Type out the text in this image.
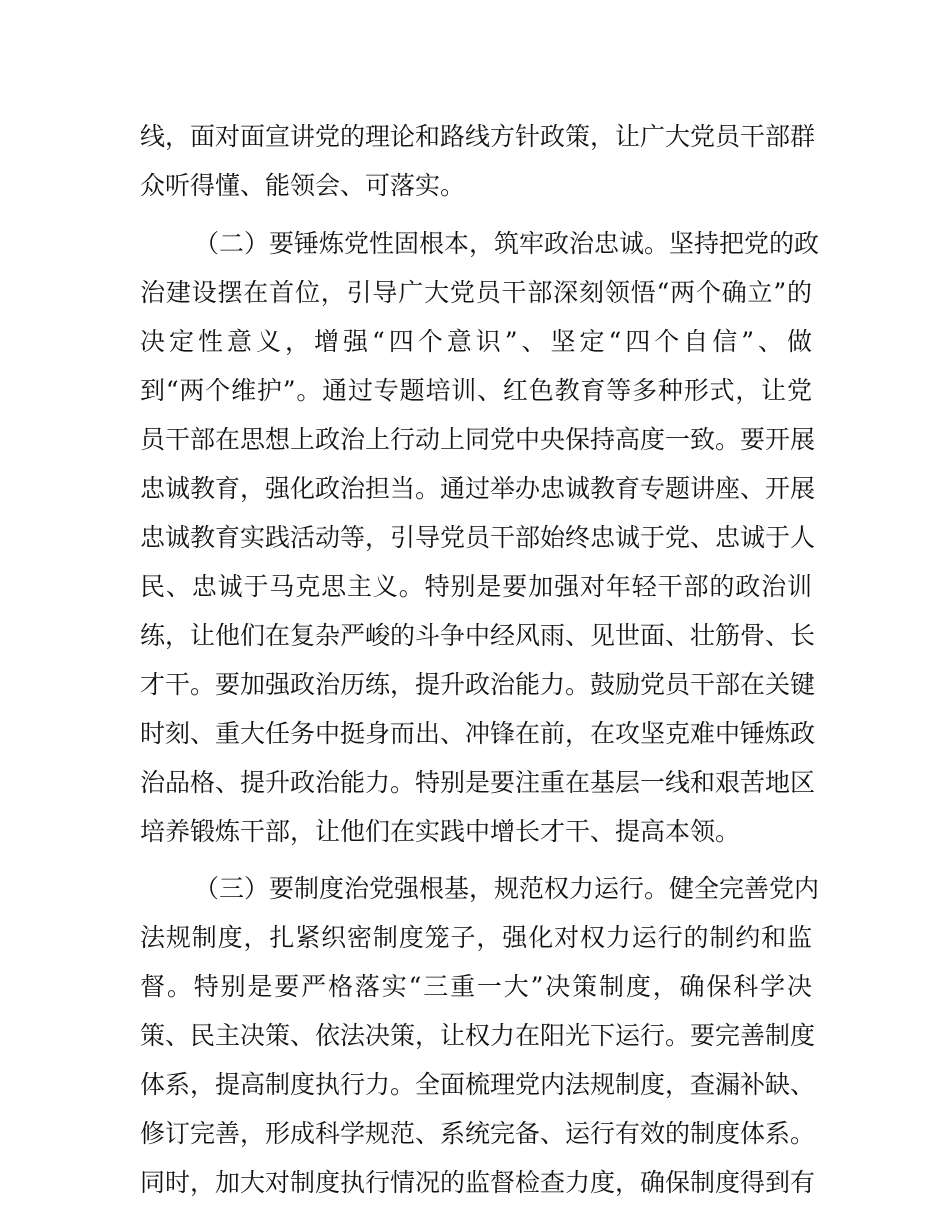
线，面对面宣讲党的理论和路线方针政策，让广大党员干部群
众听得懂、能领会、可落实。

（二）要锤炼党性固根本，筑牢政治忠诚。坚持把党的政
治建设摆在首位，引导广大党员干部深刻领悟“两个确立”的
决定性意义，增强“四个意识”、坚定“四个自信”、做
到“两个维护”。通过专题培训、红色教育等多种形式，让党
员干部在思想上政治上行动上同党中央保持高度一致。要开展
忠诚教育，强化政治担当。通过举办忠诚教育专题讲座、开展
忠诚教育实践活动等，引导党员干部始终忠诚于党、忠诚于人
民、忠诚于马克思主义。特别是要加强对年轻干部的政治训
练，让他们在复杂严峻的斗争中经风雨、见世面、壮筋骨、长
才干。要加强政治历练，提升政治能力。鼓励党员干部在关键
时刻、重大任务中挺身而出、冲锋在前，在攻坚克难中锤炼政
治品格、提升政治能力。特别是要注重在基层一线和艰苦地区
培养锻炼干部，让他们在实践中增长才干、提高本领。

（三）要制度治党强根基，规范权力运行。健全完善党内
法规制度，扎紧织密制度笼子，强化对权力运行的制约和监
督。特别是要严格落实“三重一大”决策制度，确保科学决
策、民主决策、依法决策，让权力在阳光下运行。要完善制度
体系，提高制度执行力。全面梳理党内法规制度，查漏补缺、
修订完善，形成科学规范、系统完备、运行有效的制度体系。
同时，加大对制度执行情况的监督检查力度，确保制度得到有
